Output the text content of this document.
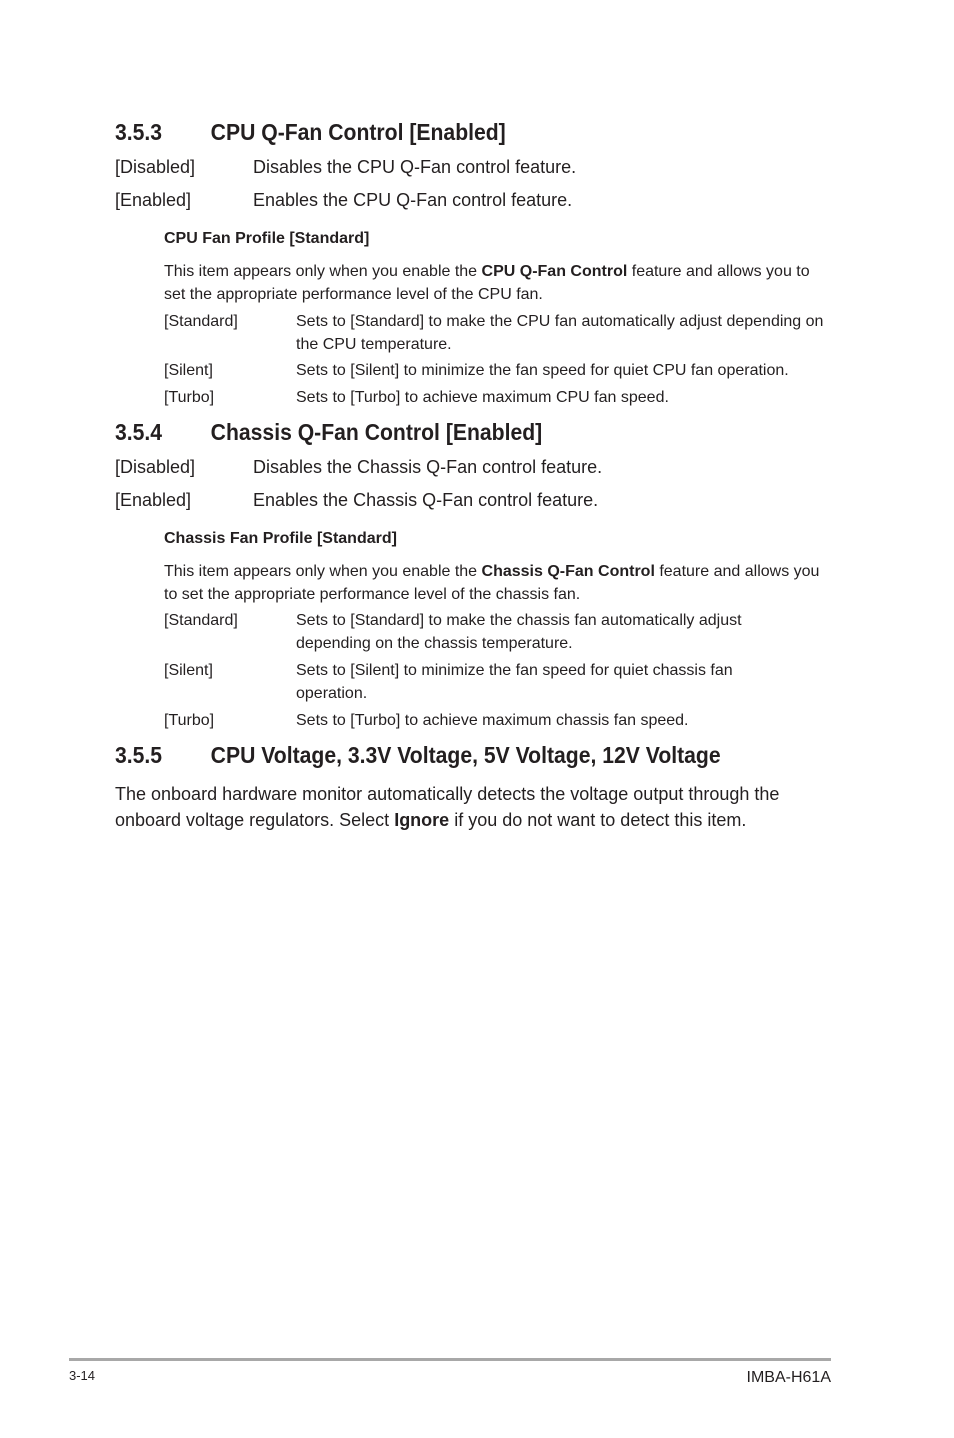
3.5.3 CPU Q-Fan Control [Enabled]
[Disabled]	Disables the CPU Q-Fan control feature.
[Enabled]	Enables the CPU Q-Fan control feature.
CPU Fan Profile [Standard]
This item appears only when you enable the CPU Q-Fan Control feature and allows you to set the appropriate performance level of the CPU fan.
[Standard]	Sets to [Standard] to make the CPU fan automatically adjust depending on the CPU temperature.
[Silent]	Sets to [Silent] to minimize the fan speed for quiet CPU fan operation.
[Turbo]	Sets to [Turbo] to achieve maximum CPU fan speed.
3.5.4 Chassis Q-Fan Control [Enabled]
[Disabled]	Disables the Chassis Q-Fan control feature.
[Enabled]	Enables the Chassis Q-Fan control feature.
Chassis Fan Profile [Standard]
This item appears only when you enable the Chassis Q-Fan Control feature and allows you to set the appropriate performance level of the chassis fan.
[Standard]	Sets to [Standard] to make the chassis fan automatically adjust depending on the chassis temperature.
[Silent]	Sets to [Silent] to minimize the fan speed for quiet chassis fan operation.
[Turbo]	Sets to [Turbo] to achieve maximum chassis fan speed.
3.5.5 CPU Voltage, 3.3V Voltage, 5V Voltage, 12V Voltage
The onboard hardware monitor automatically detects the voltage output through the onboard voltage regulators. Select Ignore if you do not want to detect this item.
3-14	IMBA-H61A
